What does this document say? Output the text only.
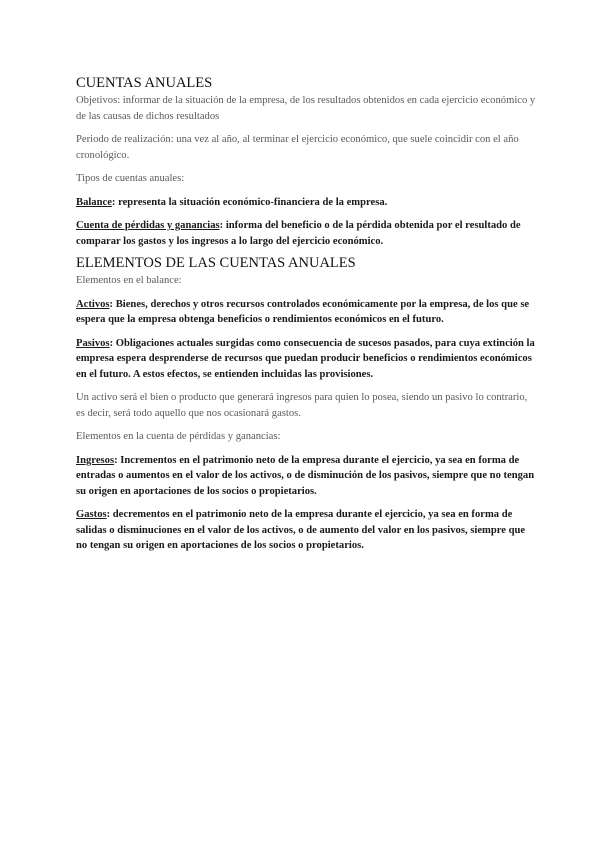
CUENTAS ANUALES

Objetivos: informar de la situación de la empresa, de los resultados obtenidos en cada ejercicio económico y de las causas de dichos resultados

Periodo de realización: una vez al año, al terminar el ejercicio económico, que suele coincidir con el año cronológico.

Tipos de cuentas anuales:

Balance: representa la situación económico-financiera de la empresa.

Cuenta de pérdidas y ganancias: informa del beneficio o de la pérdida obtenida por el resultado de comparar los gastos y los ingresos a lo largo del ejercicio económico.

ELEMENTOS DE LAS CUENTAS ANUALES

Elementos en el balance:

Activos: Bienes, derechos y otros recursos controlados económicamente por la empresa, de los que se espera que la empresa obtenga beneficios o rendimientos económicos en el futuro.

Pasivos: Obligaciones actuales surgidas como consecuencia de sucesos pasados, para cuya extinción la empresa espera desprenderse de recursos que puedan producir beneficios o rendimientos económicos en el futuro. A estos efectos, se entienden incluidas las provisiones.

Un activo será el bien o producto que generará ingresos para quien lo posea, siendo un pasivo lo contrario, es decir, será todo aquello que nos ocasionará gastos.

Elementos en la cuenta de pérdidas y ganancias:

Ingresos: Incrementos en el patrimonio neto de la empresa durante el ejercicio, ya sea en forma de entradas o aumentos en el valor de los activos, o de disminución de los pasivos, siempre que no tengan su origen en aportaciones de los socios o propietarios.

Gastos: decrementos en el patrimonio neto de la empresa durante el ejercicio, ya sea en forma de salidas o disminuciones en el valor de los activos, o de aumento del valor en los pasivos, siempre que no tengan su origen en aportaciones de los socios o propietarios.
